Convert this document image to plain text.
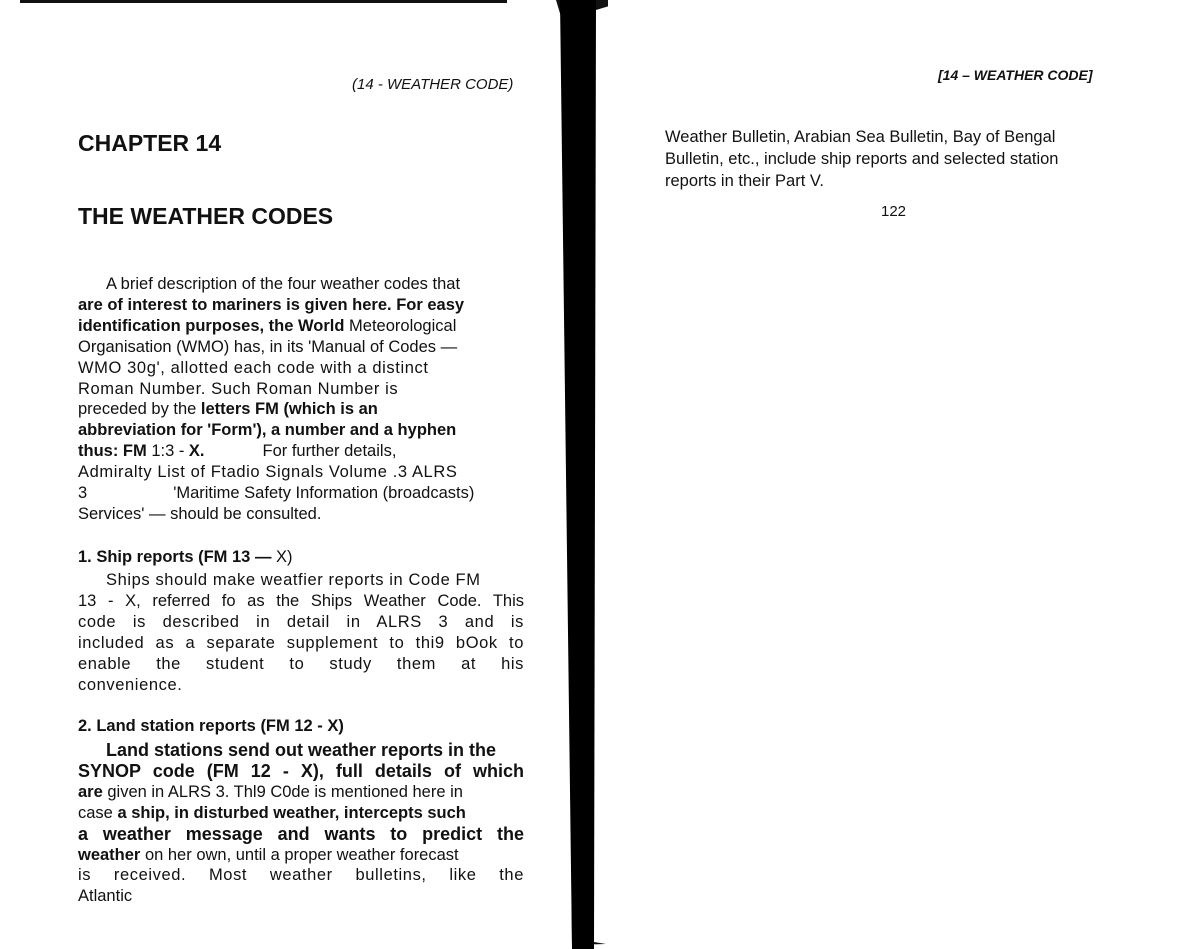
(14 - WEATHER CODE)
CHAPTER 14
THE WEATHER CODES

A brief description of the four weather codes that

are of interest to mariners is given here. For easy

identification purposes, the World Meteorological

Organisation (WMO) has, in its 'Manual of Codes —

WMO 30g', allotted each code with a distinct

Roman Number. Such Roman Number is

preceded by the letters FM (which is an

abbreviation for 'Form'), a number and a hyphen

thus: FM 1:3 - X.	For further details,

Admiralty List of Ftadio Signals Volume .3 ALRS

3	'Maritime Safety Information (broadcasts)

Services' — should be consulted.

1. Ship reports (FM 13 — X)

Ships should make weatfier reports in Code FM

13 - X, referred fo as the Ships Weather Code. This

code is described in detail in ALRS 3 and is

included as a separate supplement to thi9 bOok to

enable the student to study them at his

convenience.

2. Land station reports (FM 12 - X)

Land stations send out weather reports in the

SYNOP code (FM 12 - X), full details of which

are given in ALRS 3. Thl9 C0de is mentioned here in

case a ship, in disturbed weather, intercepts such

a weather message and wants to predict the

weather on her own, until a proper weather forecast

is received. Most weather bulletins, like the

Atlantic

[14 – WEATHER CODE]
Weather Bulletin, Arabian Sea Bulletin, Bay of Bengal
Bulletin, etc., include ship reports and selected station
reports in their Part V.
122
